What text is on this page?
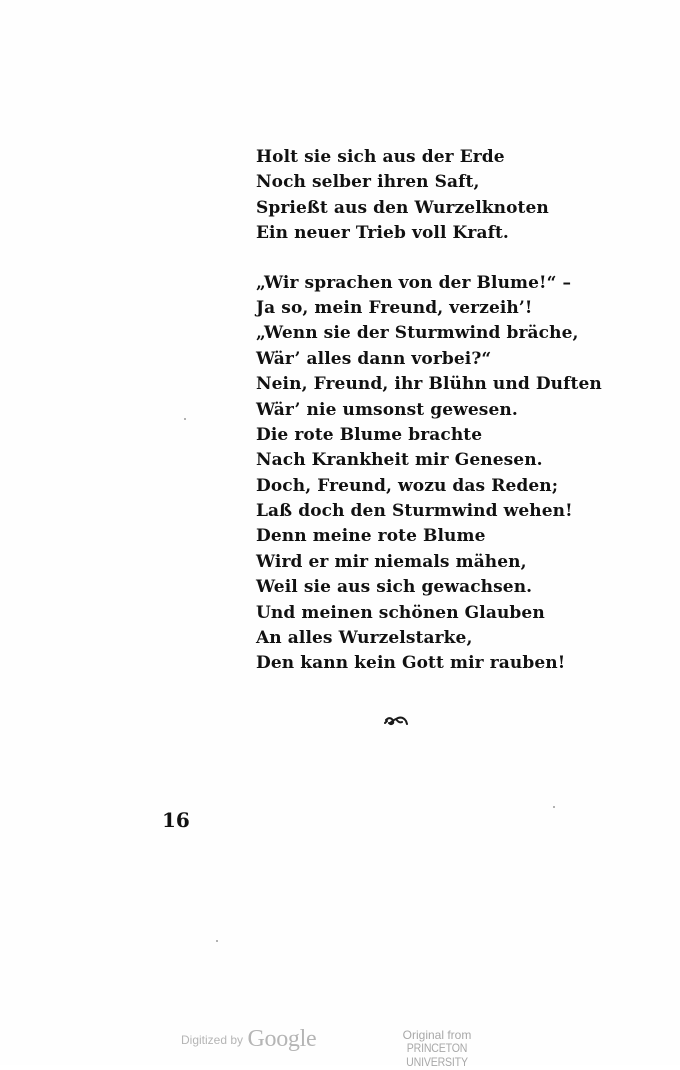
Holt sie sich aus der Erde
Noch selber ihren Saft,
Sprießt aus den Wurzelknoten
Ein neuer Trieb voll Kraft.
„Wir sprachen von der Blume!“ –
Ja so, mein Freund, verzeih’!
„Wenn sie der Sturmwind bräche,
Wär’ alles dann vorbei?“
Nein, Freund, ihr Blühn und Duften
Wär’ nie umsonst gewesen.
Die rote Blume brachte
Nach Krankheit mir Genesen.
Doch, Freund, wozu das Reden;
Laß doch den Sturmwind wehen!
Denn meine rote Blume
Wird er mir niemals mähen,
Weil sie aus sich gewachsen.
Und meinen schönen Glauben
An alles Wurzelstarke,
Den kann kein Gott mir rauben!
16
Digitized by Google	Original from
PRINCETON UNIVERSITY
